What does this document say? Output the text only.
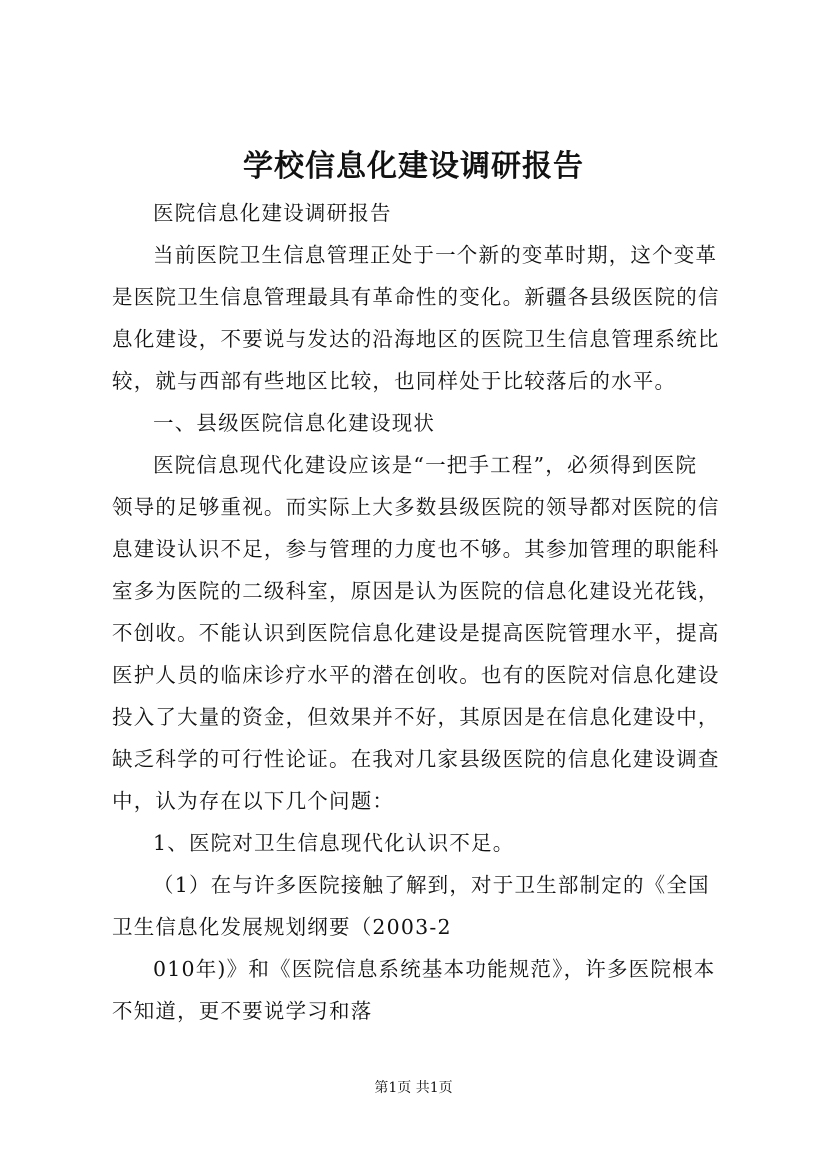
学校信息化建设调研报告
医院信息化建设调研报告
当前医院卫生信息管理正处于一个新的变革时期，这个变革
是医院卫生信息管理最具有革命性的变化。新疆各县级医院的信
息化建设，不要说与发达的沿海地区的医院卫生信息管理系统比
较，就与西部有些地区比较，也同样处于比较落后的水平。
一、县级医院信息化建设现状
医院信息现代化建设应该是“一把手工程”，必须得到医院
领导的足够重视。而实际上大多数县级医院的领导都对医院的信
息建设认识不足，参与管理的力度也不够。其参加管理的职能科
室多为医院的二级科室，原因是认为医院的信息化建设光花钱，
不创收。不能认识到医院信息化建设是提高医院管理水平，提高
医护人员的临床诊疗水平的潜在创收。也有的医院对信息化建设
投入了大量的资金，但效果并不好，其原因是在信息化建设中，
缺乏科学的可行性论证。在我对几家县级医院的信息化建设调查
中，认为存在以下几个问题：
1、医院对卫生信息现代化认识不足。
（1）在与许多医院接触了解到，对于卫生部制定的《全国
卫生信息化发展规划纲要（2003-2
010年)》和《医院信息系统基本功能规范》，许多医院根本
不知道，更不要说学习和落
第1页 共1页
